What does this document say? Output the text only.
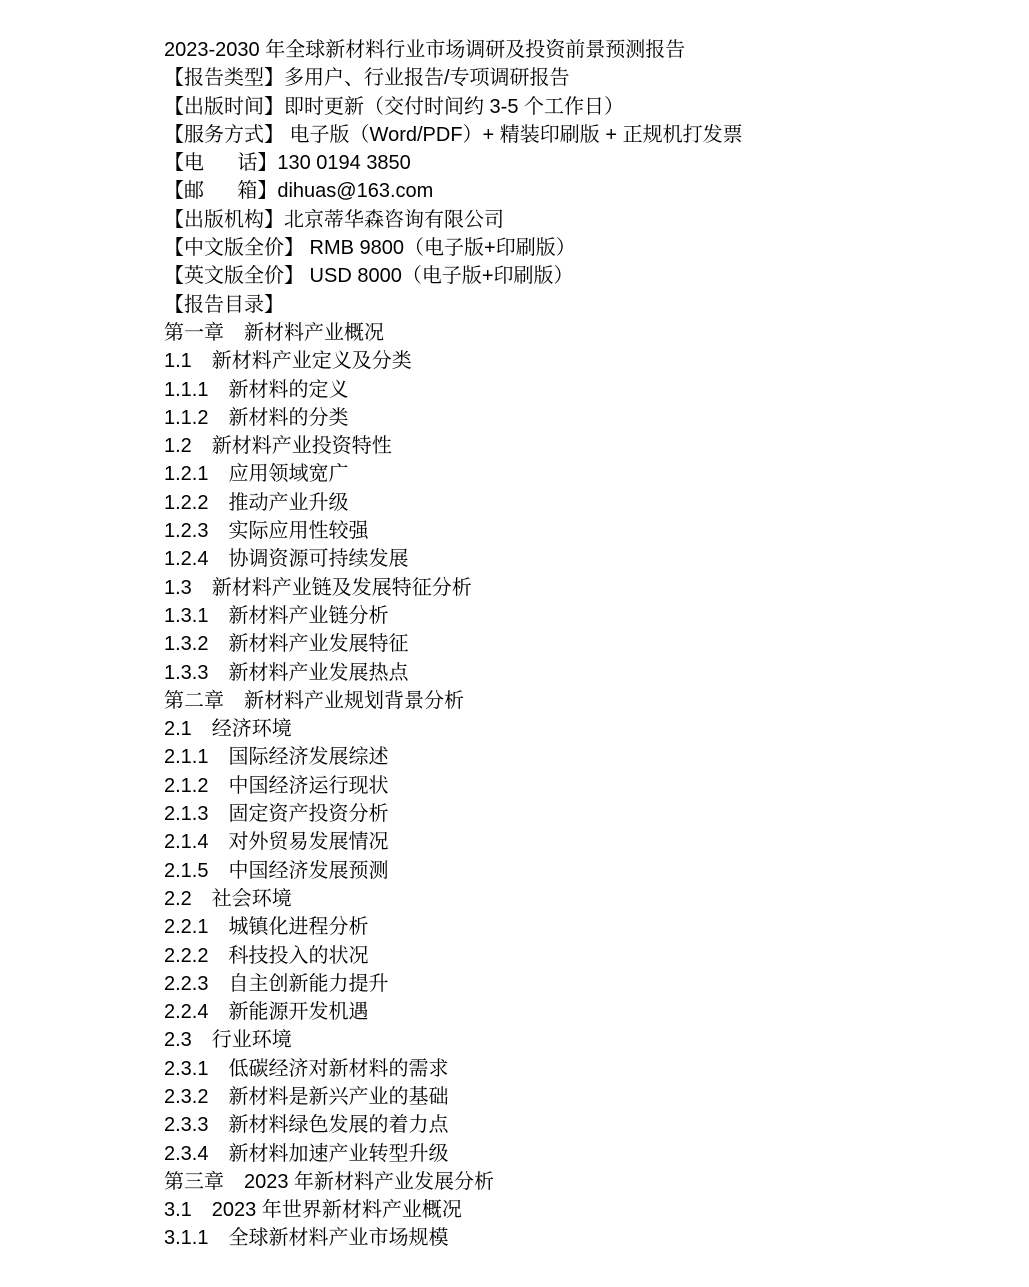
2023-2030 年全球新材料行业市场调研及投资前景预测报告
【报告类型】多用户、行业报告/专项调研报告
【出版时间】即时更新（交付时间约 3-5 个工作日）
【服务方式】 电子版（Word/PDF）+ 精装印刷版 + 正规机打发票
【电      话】130 0194 3850
【邮      箱】dihuas@163.com
【出版机构】北京蒂华森咨询有限公司
【中文版全价】 RMB 9800（电子版+印刷版）
【英文版全价】 USD 8000（电子版+印刷版）
【报告目录】
第一章　新材料产业概况
1.1　新材料产业定义及分类
1.1.1　新材料的定义
1.1.2　新材料的分类
1.2　新材料产业投资特性
1.2.1　应用领域宽广
1.2.2　推动产业升级
1.2.3　实际应用性较强
1.2.4　协调资源可持续发展
1.3　新材料产业链及发展特征分析
1.3.1　新材料产业链分析
1.3.2　新材料产业发展特征
1.3.3　新材料产业发展热点
第二章　新材料产业规划背景分析
2.1　经济环境
2.1.1　国际经济发展综述
2.1.2　中国经济运行现状
2.1.3　固定资产投资分析
2.1.4　对外贸易发展情况
2.1.5　中国经济发展预测
2.2　社会环境
2.2.1　城镇化进程分析
2.2.2　科技投入的状况
2.2.3　自主创新能力提升
2.2.4　新能源开发机遇
2.3　行业环境
2.3.1　低碳经济对新材料的需求
2.3.2　新材料是新兴产业的基础
2.3.3　新材料绿色发展的着力点
2.3.4　新材料加速产业转型升级
第三章　2023 年新材料产业发展分析
3.1　2023 年世界新材料产业概况
3.1.1　全球新材料产业市场规模
